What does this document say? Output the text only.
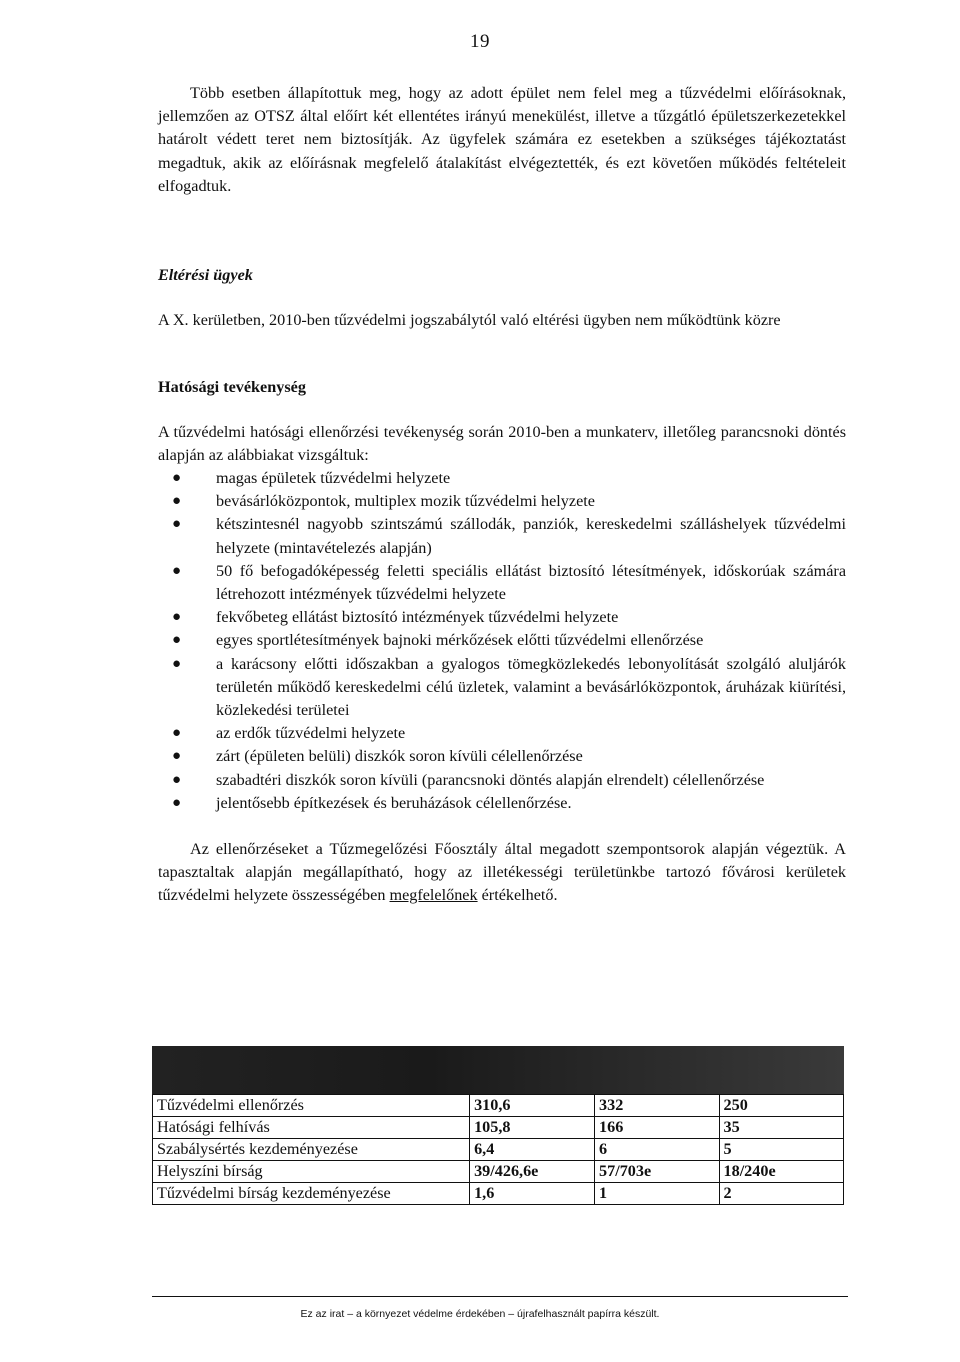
19

Több esetben állapítottuk meg, hogy az adott épület nem felel meg a tűzvédelmi előírásoknak, jellemzően az OTSZ által előírt két ellentétes irányú menekülést, illetve a tűzgátló épületszerkezetekkel határolt védett teret nem biztosítják. Az ügyfelek számára ez esetekben a szükséges tájékoztatást megadtuk, akik az előírásnak megfelelő átalakítást elvégeztették, és ezt követően működés feltételeit elfogadtuk.

Eltérési ügyek

A X. kerületben, 2010-ben tűzvédelmi jogszabálytól való eltérési ügyben nem működtünk közre

Hatósági tevékenység

A tűzvédelmi hatósági ellenőrzési tevékenység során 2010-ben a munkaterv, illetőleg parancsnoki döntés alapján az alábbiakat vizsgáltuk:

● magas épületek tűzvédelmi helyzete
● bevásárlóközpontok, multiplex mozik tűzvédelmi helyzete
● kétszintesnél nagyobb szintszámú szállodák, panziók, kereskedelmi szálláshelyek tűzvédelmi helyzete (mintavételezés alapján)
● 50 fő befogadóképesség feletti speciális ellátást biztosító létesítmények, időskorúak számára létrehozott intézmények tűzvédelmi helyzete
● fekvőbeteg ellátást biztosító intézmények tűzvédelmi helyzete
● egyes sportlétesítmények bajnoki mérkőzések előtti tűzvédelmi ellenőrzése
● a karácsony előtti időszakban a gyalogos tömegközlekedés lebonyolítását szolgáló aluljárók területén működő kereskedelmi célú üzletek, valamint a bevásárlóközpontok, áruházak kiürítési, közlekedési területei
● az erdők tűzvédelmi helyzete
● zárt (épületen belüli) diszkók soron kívüli célellenőrzése
● szabadtéri diszkók soron kívüli (parancsnoki döntés alapján elrendelt) célellenőrzése
● jelentősebb építkezések és beruházások célellenőrzése.

Az ellenőrzéseket a Tűzmegelőzési Főosztály által megadott szempontsorok alapján végeztük. A tapasztaltak alapján megállapítható, hogy az illetékességi területünkbe tartozó fővárosi kerületek tűzvédelmi helyzete összességében megfelelőnek értékelhető.

Tűzvédelmi ellenőrzés	310,6	332	250
Hatósági felhívás	105,8	166	35
Szabálysértés kezdeményezése	6,4	6	5
Helyszíni bírság	39/426,6e	57/703e	18/240e
Tűzvédelmi bírság kezdeményezése	1,6	1	2
Ez az irat – a környezet védelme érdekében – újrafelhasznált papírra készült.
